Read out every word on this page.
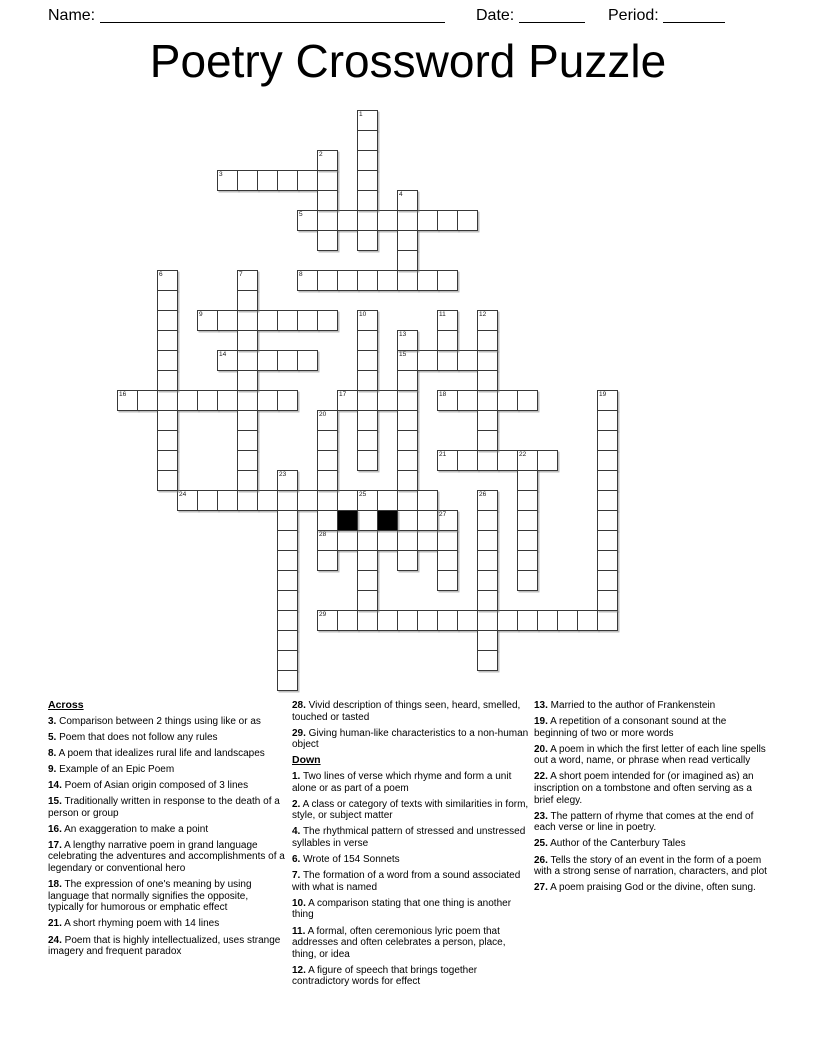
Name:	Date:	Period:
Poetry Crossword Puzzle
3
5
8
9
14	15
16	17	18
21	22
24	25
28
29
1
2
4
6	7
10	11	12
13
19
20
23
26
27

Across

3. Comparison between 2 things using like or as

5. Poem that does not follow any rules

8. A poem that idealizes rural life and landscapes

9. Example of an Epic Poem

14. Poem of Asian origin composed of 3 lines

15. Traditionally written in response to the death of a person or group

16. An exaggeration to make a point

17. A lengthy narrative poem in grand language celebrating the adventures and accomplishments of a legendary or conventional hero

18. The expression of one's meaning by using language that normally signifies the opposite, typically for humorous or emphatic effect

21. A short rhyming poem with 14 lines

24. Poem that is highly intellectualized, uses strange imagery and frequent paradox

28. Vivid description of things seen, heard, smelled, touched or tasted

29. Giving human-like characteristics to a non-human object

Down

1. Two lines of verse which rhyme and form a unit alone or as part of a poem

2. A class or category of texts with similarities in form, style, or subject matter

4. The rhythmical pattern of stressed and unstressed syllables in verse

6. Wrote of 154 Sonnets

7. The formation of a word from a sound associated with what is named

10. A comparison stating that one thing is another thing

11. A formal, often ceremonious lyric poem that addresses and often celebrates a person, place, thing, or idea

12. A figure of speech that brings together contradictory words for effect

13. Married to the author of Frankenstein

19. A repetition of a consonant sound at the beginning of two or more words

20. A poem in which the first letter of each line spells out a word, name, or phrase when read vertically

22. A short poem intended for (or imagined as) an inscription on a tombstone and often serving as a brief elegy.

23. The pattern of rhyme that comes at the end of each verse or line in poetry.

25. Author of the Canterbury Tales

26. Tells the story of an event in the form of a poem with a strong sense of narration, characters, and plot

27. A poem praising God or the divine, often sung.
